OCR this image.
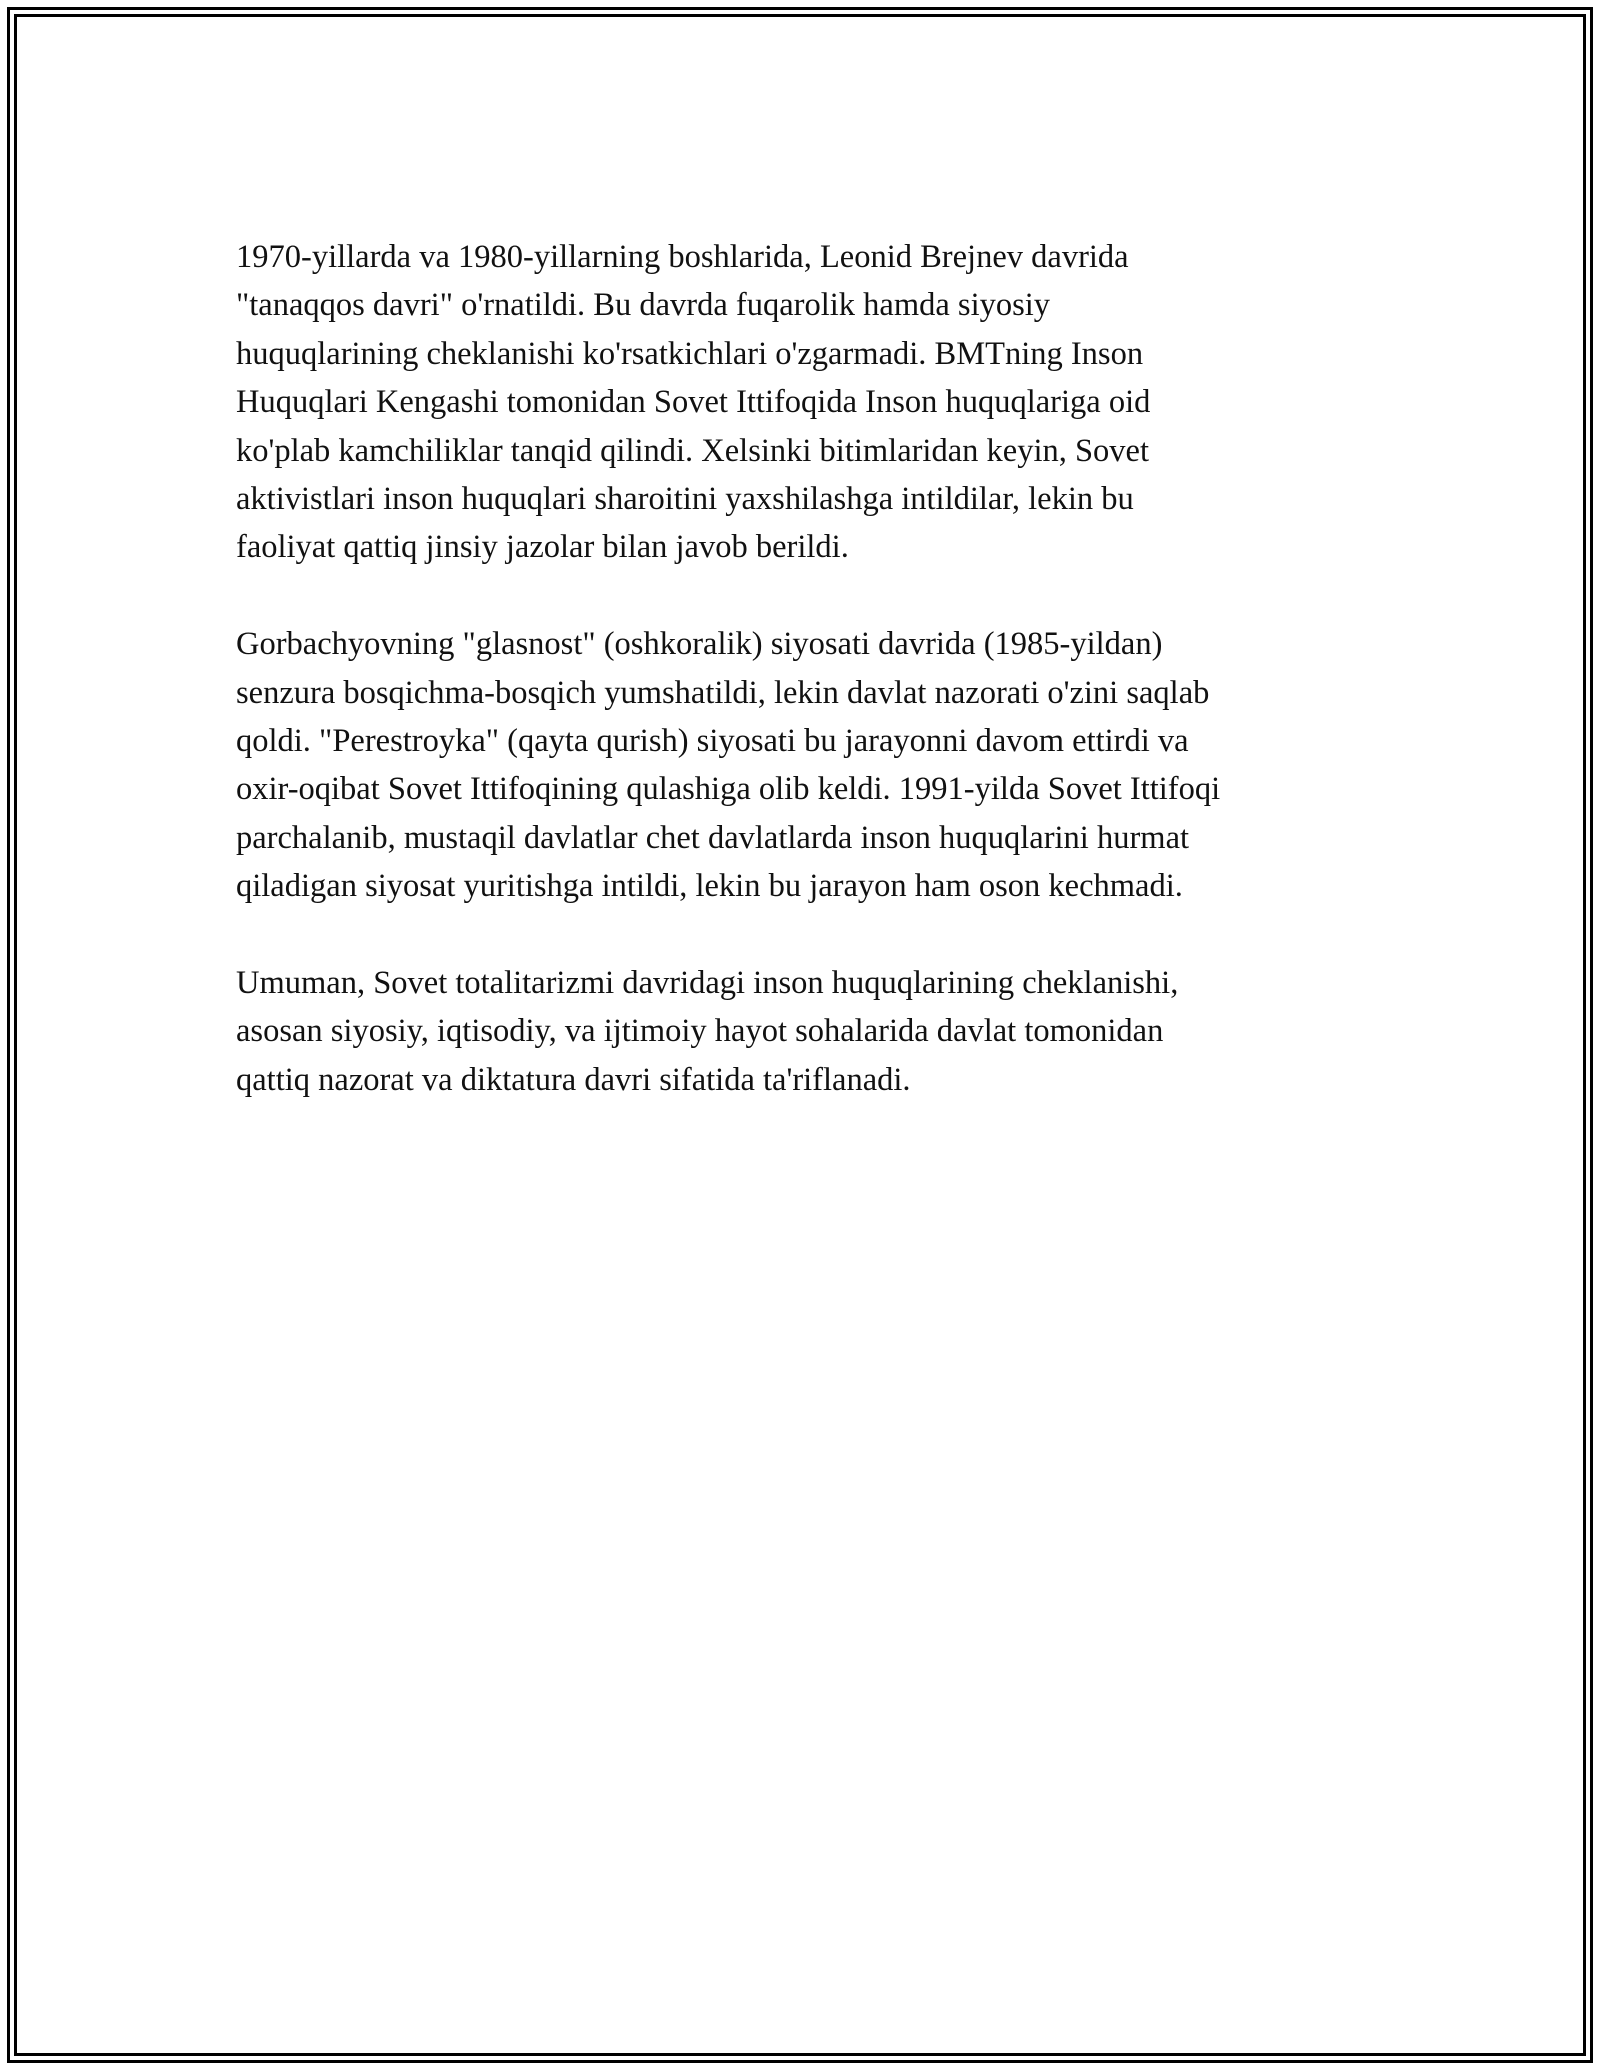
1970-yillarda va 1980-yillarning boshlarida, Leonid Brejnev davrida
"tanaqqos davri" o'rnatildi. Bu davrda fuqarolik hamda siyosiy
huquqlarining cheklanishi ko'rsatkichlari o'zgarmadi. BMTning Inson
Huquqlari Kengashi tomonidan Sovet Ittifoqida Inson huquqlariga oid
ko'plab kamchiliklar tanqid qilindi. Xelsinki bitimlaridan keyin, Sovet
aktivistlari inson huquqlari sharoitini yaxshilashga intildilar, lekin bu
faoliyat qattiq jinsiy jazolar bilan javob berildi.

Gorbachyovning "glasnost" (oshkoralik) siyosati davrida (1985-yildan)
senzura bosqichma-bosqich yumshatildi, lekin davlat nazorati o'zini saqlab
qoldi. "Perestroyka" (qayta qurish) siyosati bu jarayonni davom ettirdi va
oxir-oqibat Sovet Ittifoqining qulashiga olib keldi. 1991-yilda Sovet Ittifoqi
parchalanib, mustaqil davlatlar chet davlatlarda inson huquqlarini hurmat
qiladigan siyosat yuritishga intildi, lekin bu jarayon ham oson kechmadi.

Umuman, Sovet totalitarizmi davridagi inson huquqlarining cheklanishi,
asosan siyosiy, iqtisodiy, va ijtimoiy hayot sohalarida davlat tomonidan
qattiq nazorat va diktatura davri sifatida ta'riflanadi.
